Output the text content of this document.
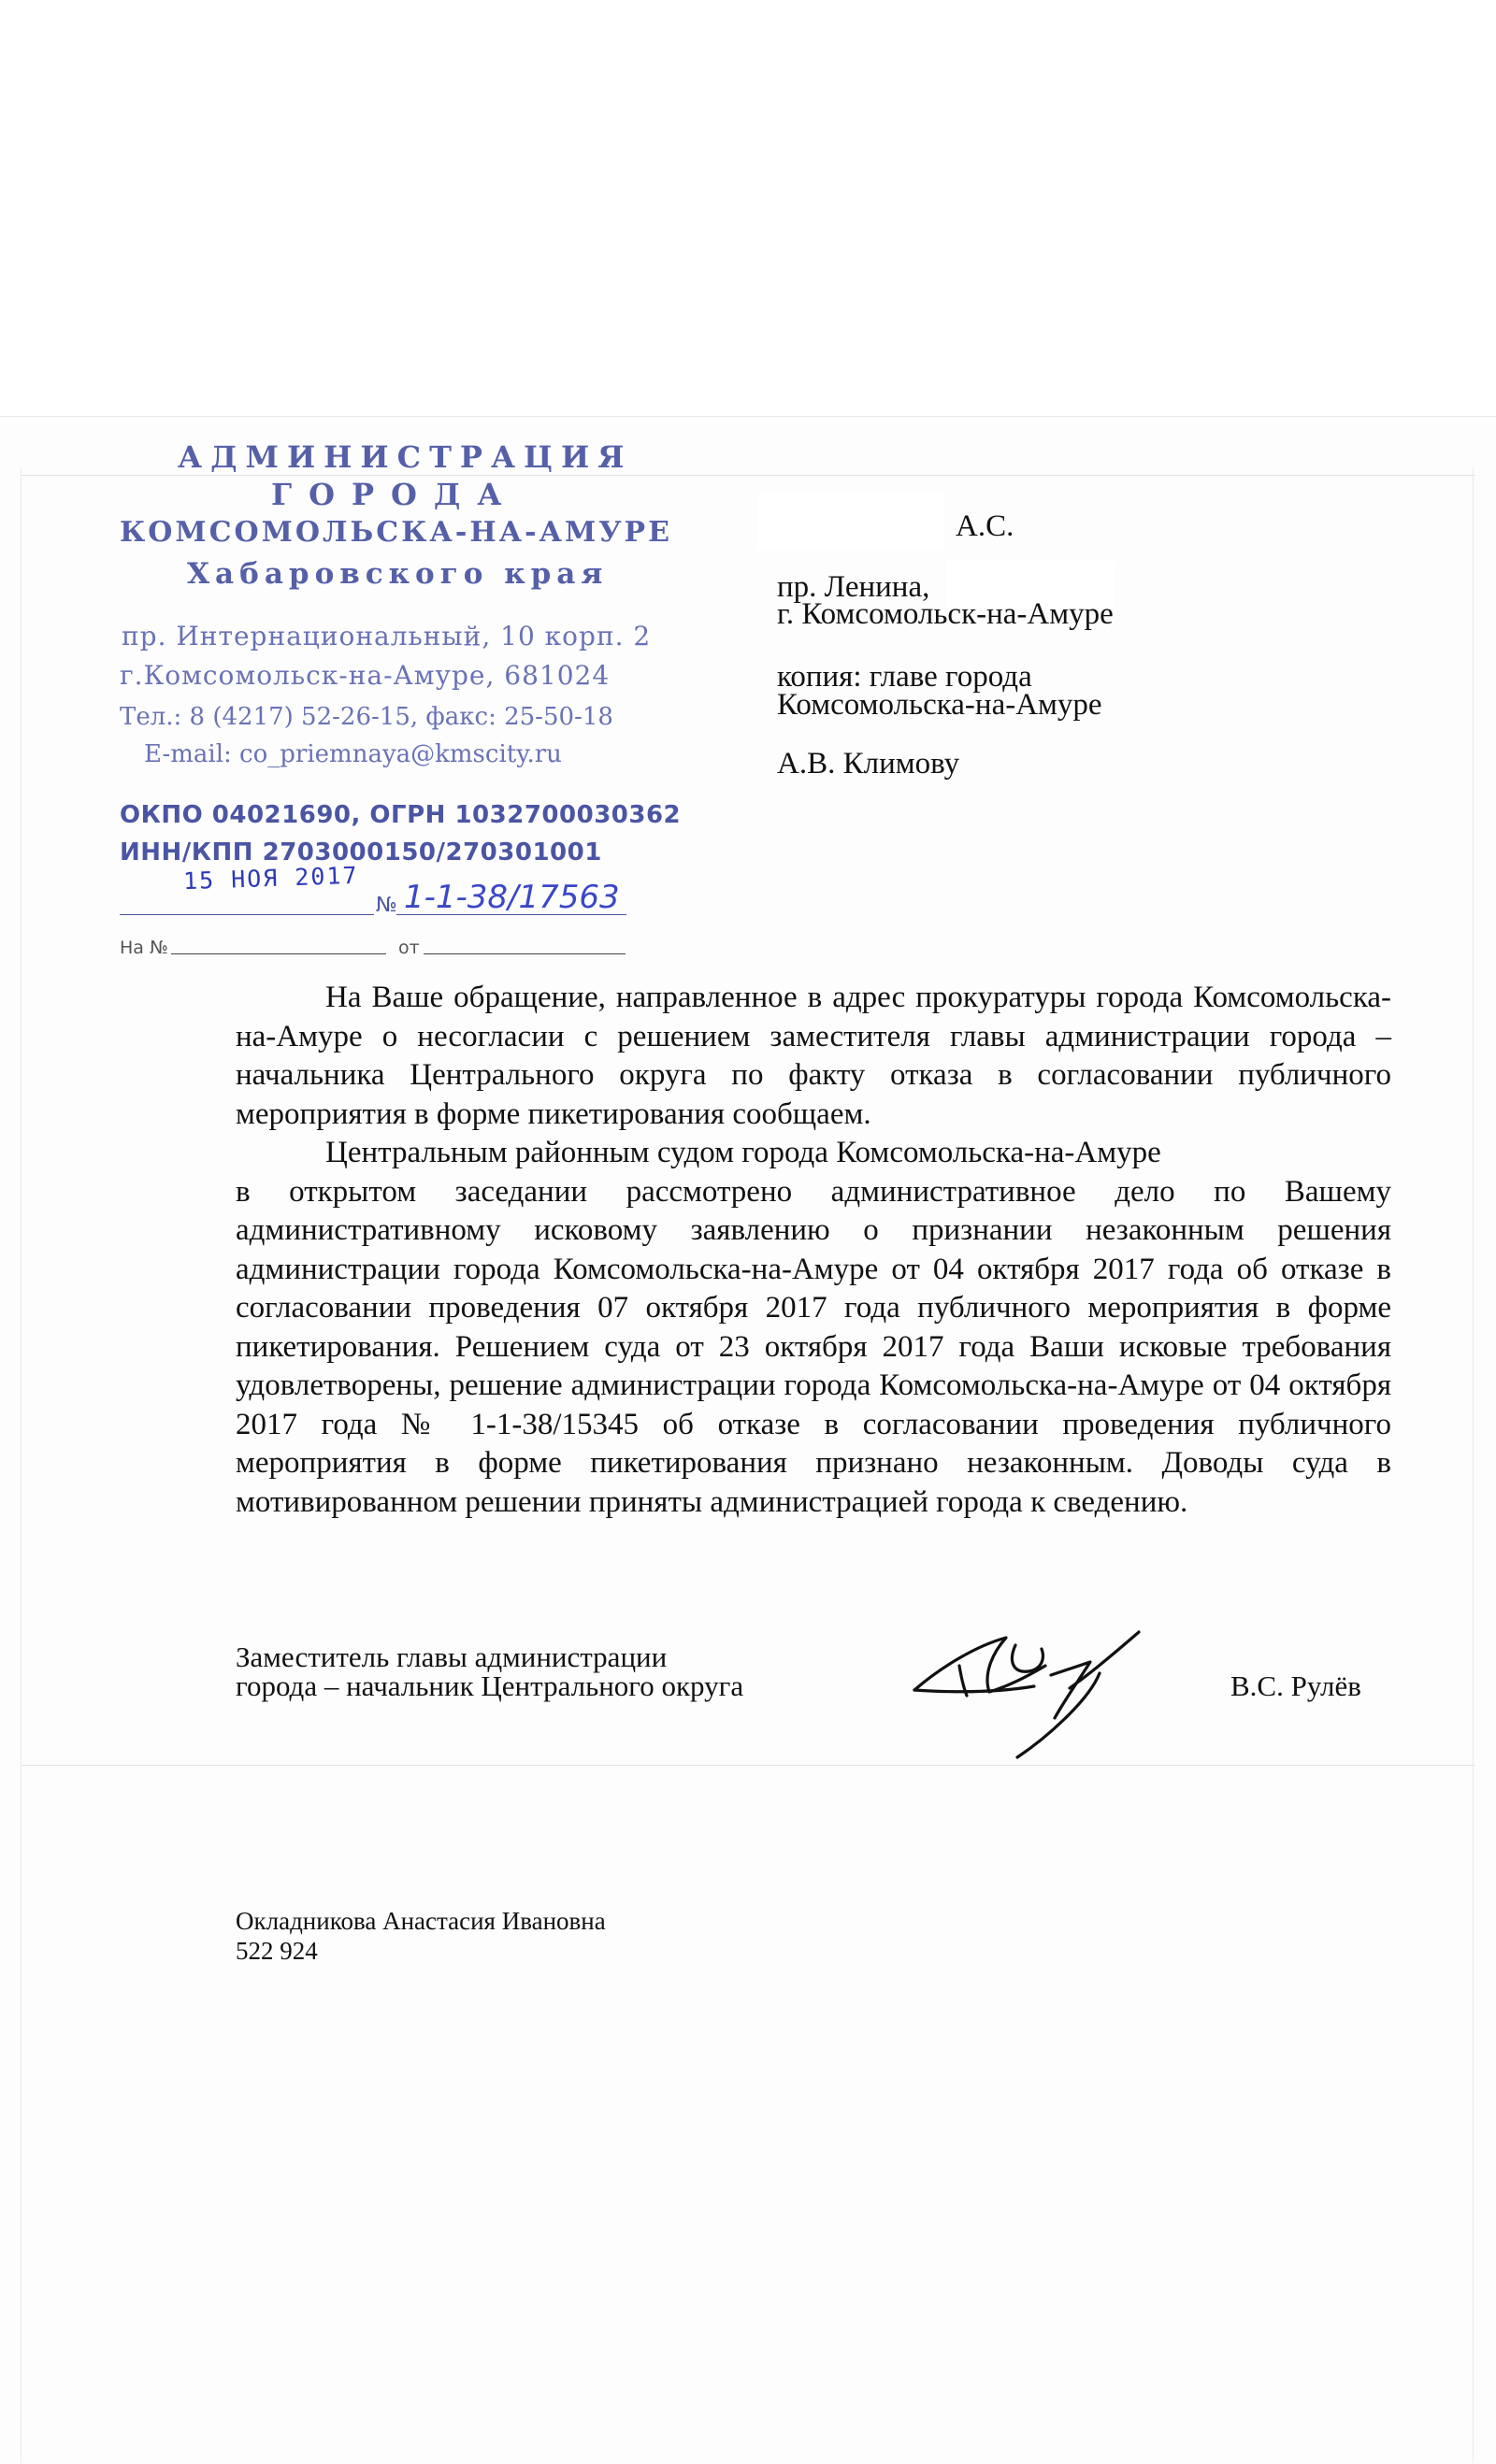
АДМИНИСТРАЦИЯ
ГОРОДА
КОМСОМОЛЬСКА-НА-АМУРЕ
Хабаровского края
пр. Интернациональный, 10 корп. 2
г.Комсомольск-на-Амуре, 681024
Тел.: 8 (4217) 52-26-15, факс: 25-50-18
E-mail: co_priemnaya@kmscity.ru
ОКПО 04021690, ОГРН 1032700030362
ИНН/КПП 2703000150/270301001
15 НОЯ 2017
№ 1-1-38/17563
На №	от
А.С.
пр. Ленина,
г. Комсомольск-на-Амуре
копия: главе города
Комсомольска-на-Амуре
А.В. Климову

На Ваше обращение, направленное в адрес прокуратуры города Комсомольска-на-Амуре о несогласии с решением заместителя главы администрации города – начальника Центрального округа по факту отказа в согласовании публичного мероприятия в форме пикетирования сообщаем.

Центральным районным судом города Комсомольска-на-Амуре

в открытом заседании рассмотрено административное дело по Вашему административному исковому заявлению о признании незаконным решения администрации города Комсомольска-на-Амуре от 04 октября 2017 года об отказе в согласовании проведения 07 октября 2017 года публичного мероприятия в форме пикетирования. Решением суда от 23 октября 2017 года Ваши исковые требования удовлетворены, решение администрации города Комсомольска-на-Амуре от 04 октября 2017 года № 1-1-38/15345 об отказе в согласовании проведения публичного мероприятия в форме пикетирования признано незаконным. Доводы суда в мотивированном решении приняты администрацией города к сведению.

Заместитель главы администрации
города – начальник Центрального округа	В.С. Рулёв
Окладникова Анастасия Ивановна
522 924
